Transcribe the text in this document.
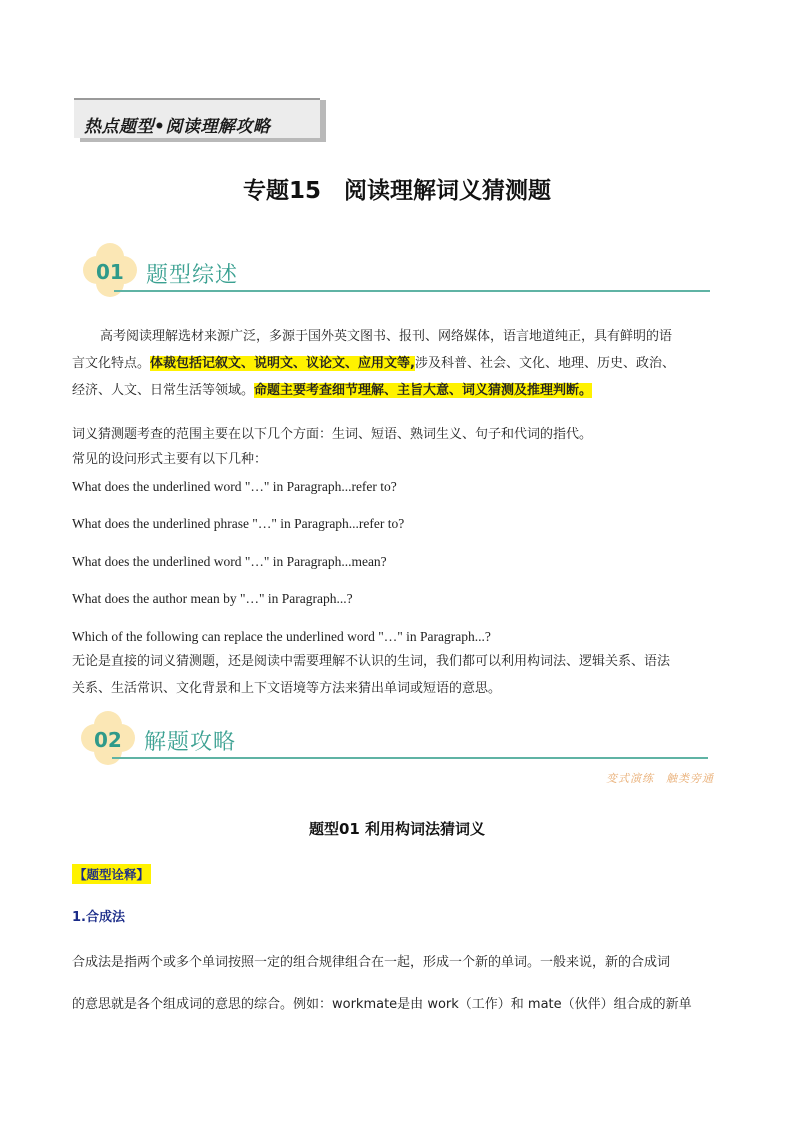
热点题型•阅读理解攻略
专题15　阅读理解词义猜测题
01 题型综述
高考阅读理解选材来源广泛，多源于国外英文图书、报刊、网络媒体，语言地道纯正，具有鲜明的语
言文化特点。体裁包括记叙文、说明文、议论文、应用文等,涉及科普、社会、文化、地理、历史、政治、
经济、人文、日常生活等领域。命题主要考查细节理解、主旨大意、词义猜测及推理判断。
词义猜测题考查的范围主要在以下几个方面：生词、短语、熟词生义、句子和代词的指代。
常见的设问形式主要有以下几种：
What does the underlined word "…" in Paragraph...refer to?
What does the underlined phrase "…" in Paragraph...refer to?
What does the underlined word "…" in Paragraph...mean?
What does the author mean by "…" in Paragraph...?
Which of the following can replace the underlined word "…" in Paragraph...?
无论是直接的词义猜测题，还是阅读中需要理解不认识的生词，我们都可以利用构词法、逻辑关系、语法
关系、生活常识、文化背景和上下文语境等方法来猜出单词或短语的意思。
02 解题攻略
变式演练　触类旁通
题型01 利用构词法猜词义
【题型诠释】
1.合成法
合成法是指两个或多个单词按照一定的组合规律组合在一起，形成一个新的单词。一般来说，新的合成词
的意思就是各个组成词的意思的综合。例如：workmate是由 work（工作）和 mate（伙伴）组合成的新单
